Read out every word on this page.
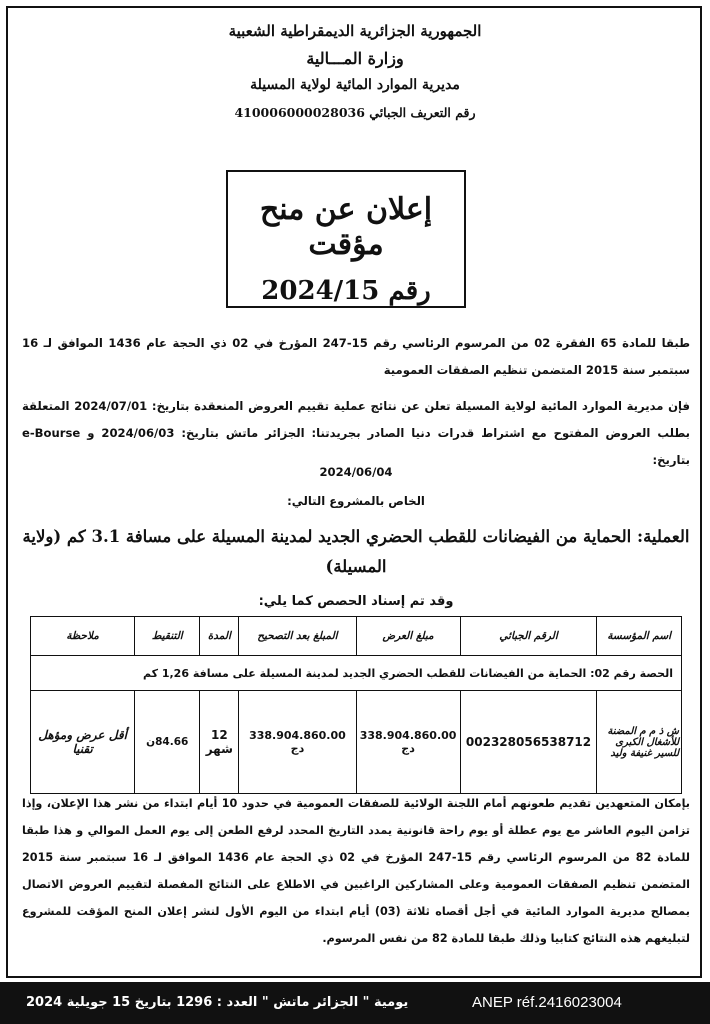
الجمهورية الجزائرية الديمقراطية الشعبية
وزارة المـــالية
مديرية الموارد المائية لولاية المسيلة
رقم التعريف الجبائي 410006000028036
إعلان عن منح مؤقت
رقم 2024/15
طبقا للمادة 65 الفقرة 02 من المرسوم الرئاسي رقم 15-247 المؤرخ في 02 ذي الحجة عام 1436 الموافق لـ 16 سبتمبر سنة 2015 المتضمن تنظيم الصفقات العمومية
فإن مديرية الموارد المائية لولاية المسيلة تعلن عن نتائج عملية تقييم العروض المنعقدة بتاريخ: 2024/07/01 المتعلقة بطلب العروض المفتوح مع اشتراط قدرات دنيا الصادر بجريدتنا: الجزائر ماتش بتاريخ: 2024/06/03 و e-Bourse بتاريخ:
2024/06/04
الخاص بالمشروع التالي:
العملية: الحماية من الفيضانات للقطب الحضري الجديد لمدينة المسيلة على مسافة 3.1 كم (ولاية المسيلة)
وقد تم إسناد الحصص كما يلي:
اسم المؤسسة	الرقم الجبائي	مبلغ العرض	المبلغ بعد التصحيح	المدة	التنقيط	ملاحظة
الحصة رقم 02: الحماية من الفيضانات للقطب الحضري الجديد لمدينة المسيلة على مسافة 1,26 كم						
ش ذ م م المضنة للأشغال الكبرى للسير غنيفة وليد	002328056538712	338.904.860.00 دج	338.904.860.00 دج	12 شهر	84.66ن	أقل عرض ومؤهل تقنيا
بإمكان المتعهدين تقديم طعونهم أمام اللجنة الولائية للصفقات العمومية في حدود 10 أيام ابتداء من نشر هذا الإعلان، وإذا تزامن اليوم العاشر مع يوم عطلة أو يوم راحة قانونية يمدد التاريخ المحدد لرفع الطعن إلى يوم العمل الموالي و هذا طبقا للمادة 82 من المرسوم الرئاسي رقم 15-247 المؤرخ في 02 ذي الحجة عام 1436 الموافق لـ 16 سبتمبر سنة 2015 المتضمن تنظيم الصفقات العمومية وعلى المشاركين الراغبين في الاطلاع على النتائج المفصلة لتقييم العروض الاتصال بمصالح مديرية الموارد المائية في أجل أقصاه ثلاثة (03) أيام ابتداء من اليوم الأول لنشر إعلان المنح المؤقت للمشروع لتبليغهم هذه النتائج كتابيا وذلك طبقا للمادة 82 من نفس المرسوم.
ANEP réf.2416023004
يومية " الجزائر ماتش " العدد : 1296 بتاريخ 15 جويلية 2024
